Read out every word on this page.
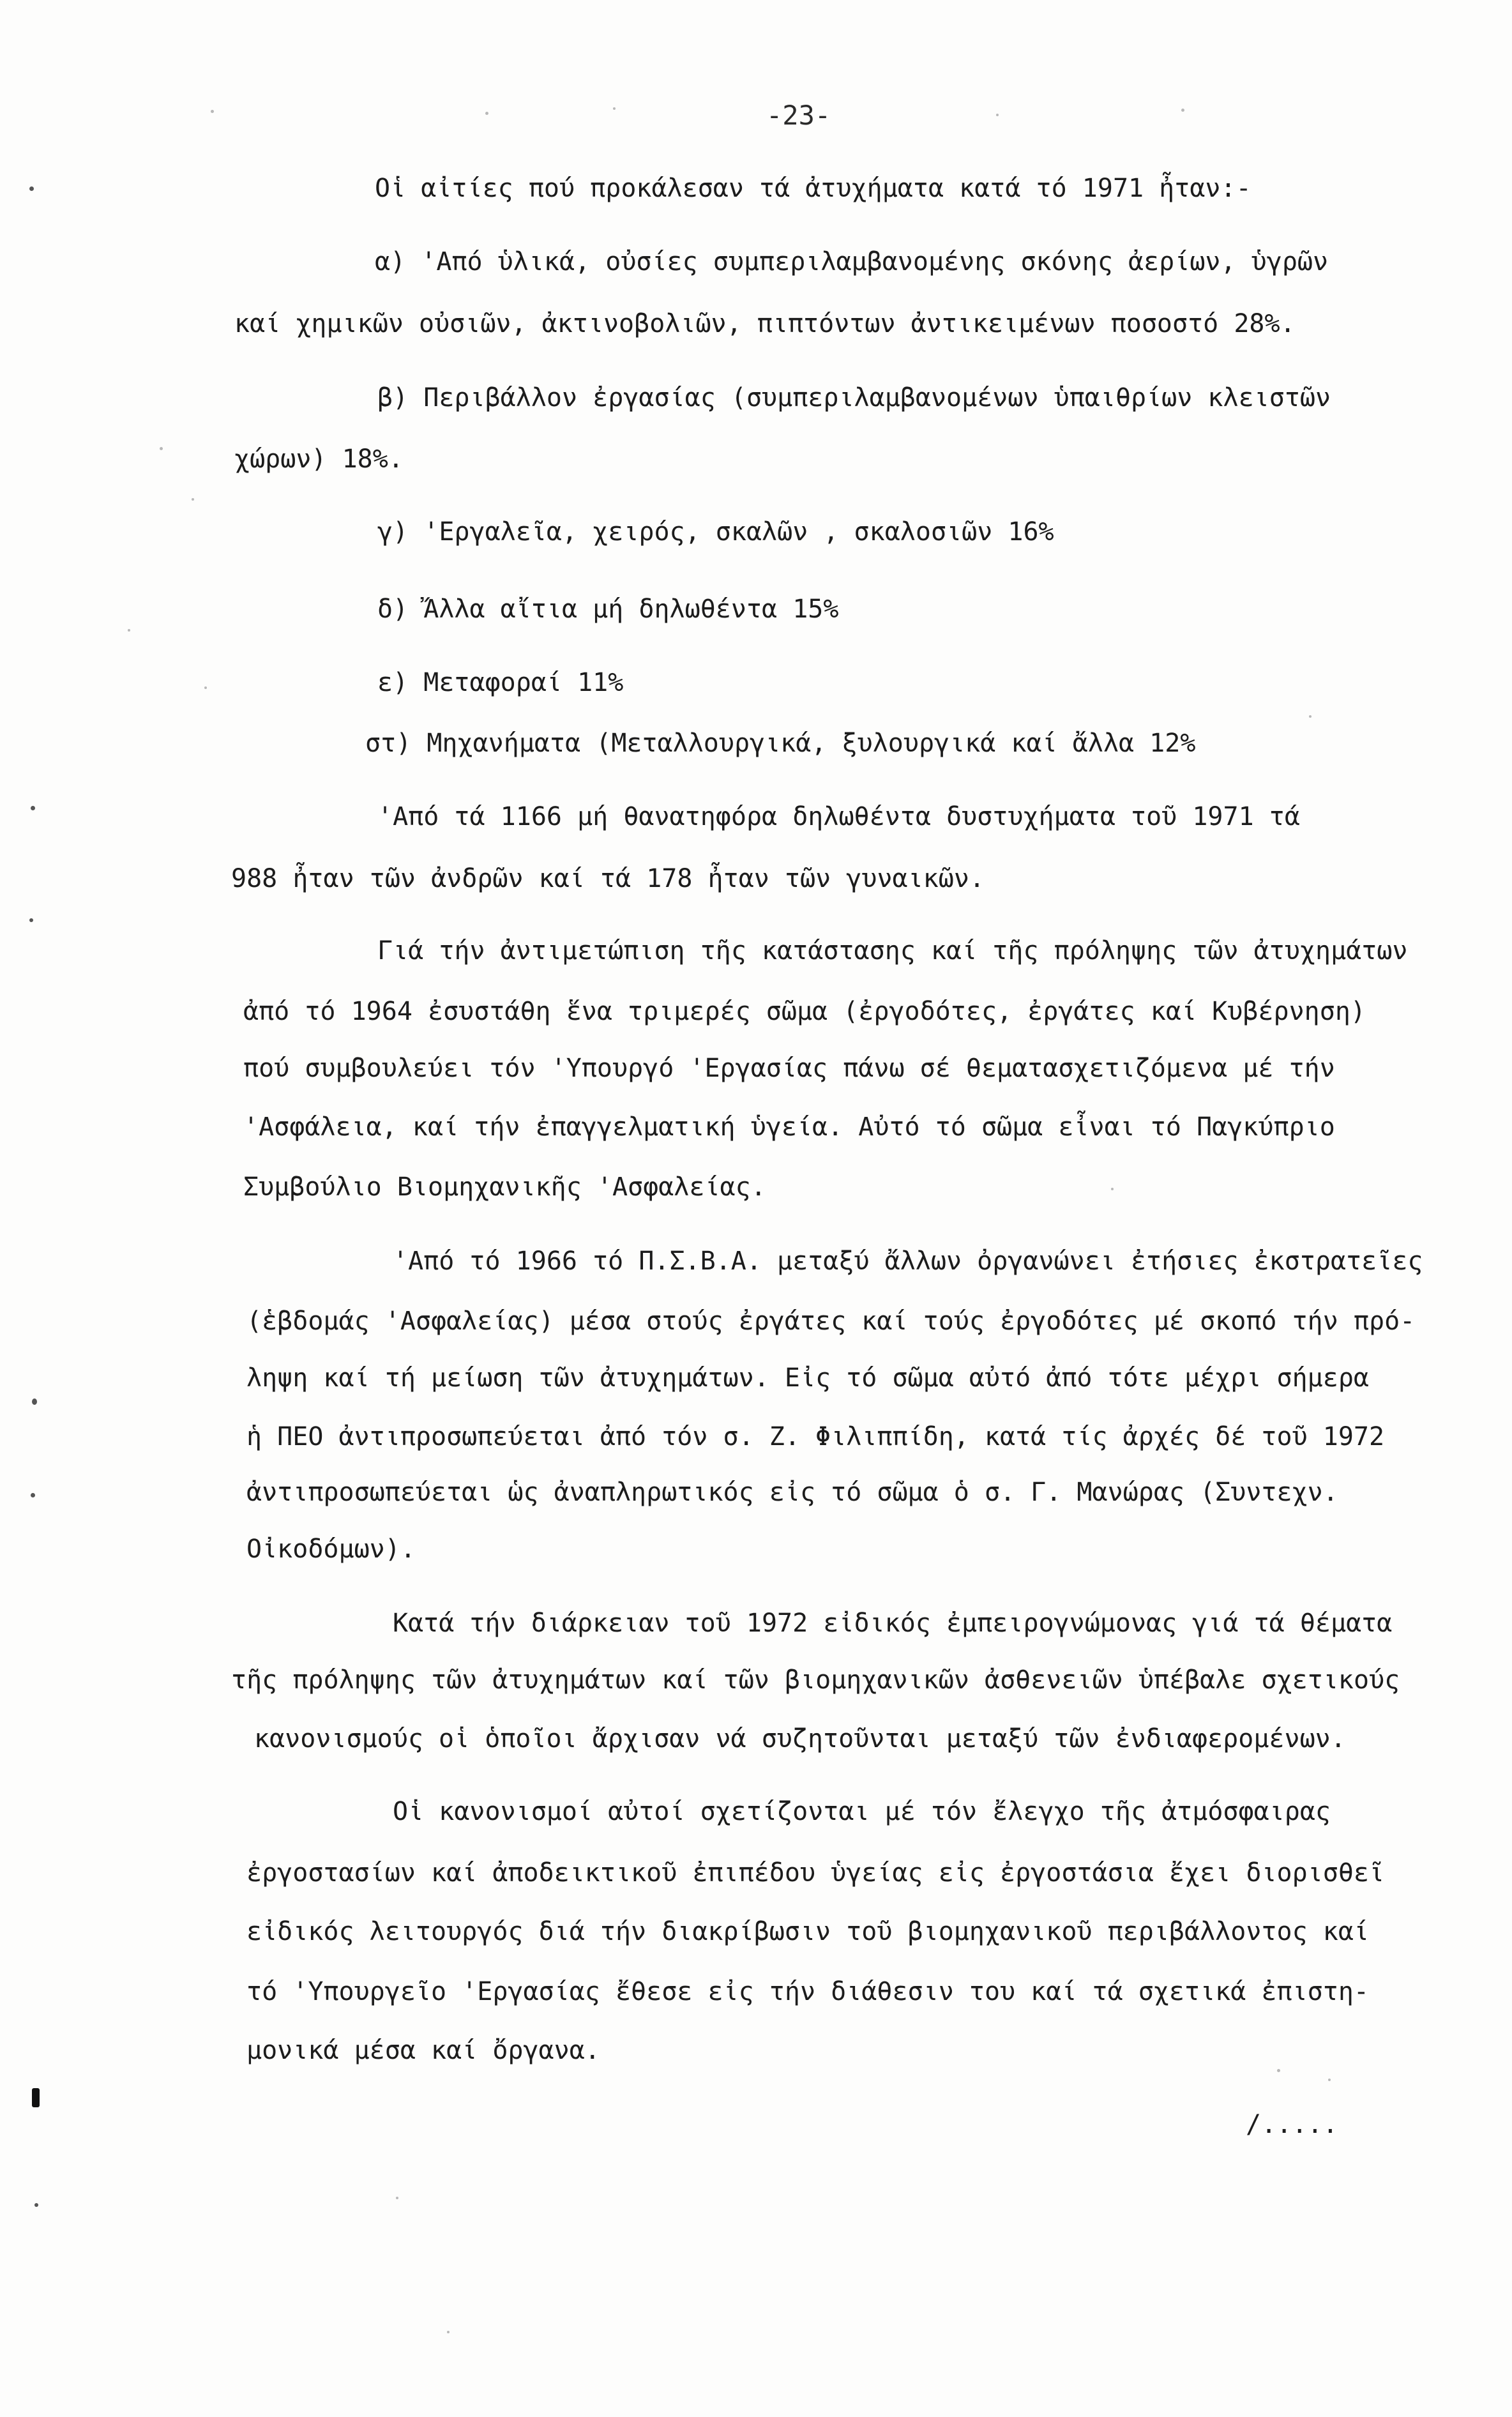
-23-
Οἱ αἰτίες πού προκάλεσαν τά ἀτυχήματα κατά τό 1971 ἦταν:-
α) 'Από ὑλικά, οὐσίες συμπεριλαμβανομένης σκόνης ἀερίων, ὑγρῶν
καί χημικῶν οὐσιῶν, ἀκτινοβολιῶν, πιπτόντων ἀντικειμένων ποσοστό 28%.
β) Περιβάλλον ἐργασίας (συμπεριλαμβανομένων ὑπαιθρίων κλειστῶν
χώρων) 18%.
γ) 'Εργαλεῖα, χειρός, σκαλῶν , σκαλοσιῶν 16%
δ) Ἄλλα αἴτια μή δηλωθέντα 15%
ε) Μεταφοραί 11%
στ) Μηχανήματα (Μεταλλουργικά, ξυλουργικά καί ἄλλα 12%
'Από τά 1166 μή θανατηφόρα δηλωθέντα δυστυχήματα τοῦ 1971 τά
988 ἦταν τῶν ἀνδρῶν καί τά 178 ἦταν τῶν γυναικῶν.
Γιά τήν ἀντιμετώπιση τῆς κατάστασης καί τῆς πρόληψης τῶν ἀτυχημάτων
ἀπό τό 1964 ἐσυστάθη ἕνα τριμερές σῶμα (ἐργοδότες, ἐργάτες καί Κυβέρνηση)
πού συμβουλεύει τόν 'Υπουργό 'Εργασίας πάνω σέ θεματασχετιζόμενα μέ τήν
'Ασφάλεια, καί τήν ἐπαγγελματική ὑγεία. Αὐτό τό σῶμα εἶναι τό Παγκύπριο
Συμβούλιο Βιομηχανικῆς 'Ασφαλείας.
'Από τό 1966 τό Π.Σ.Β.Α. μεταξύ ἄλλων ὀργανώνει ἐτήσιες ἐκστρατεῖες
(ἑβδομάς 'Ασφαλείας) μέσα στούς ἐργάτες καί τούς ἐργοδότες μέ σκοπό τήν πρό-
ληψη καί τή μείωση τῶν ἀτυχημάτων. Εἰς τό σῶμα αὐτό ἀπό τότε μέχρι σήμερα
ἡ ΠΕΟ ἀντιπροσωπεύεται ἀπό τόν σ. Ζ. Φιλιππίδη, κατά τίς ἀρχές δέ τοῦ 1972
ἀντιπροσωπεύεται ὡς ἀναπληρωτικός εἰς τό σῶμα ὁ σ. Γ. Μανώρας (Συντεχν.
Οἰκοδόμων).
Κατά τήν διάρκειαν τοῦ 1972 εἰδικός ἐμπειρογνώμονας γιά τά θέματα
τῆς πρόληψης τῶν ἀτυχημάτων καί τῶν βιομηχανικῶν ἀσθενειῶν ὑπέβαλε σχετικούς
κανονισμούς οἱ ὁποῖοι ἄρχισαν νά συζητοῦνται μεταξύ τῶν ἐνδιαφερομένων.
Οἱ κανονισμοί αὐτοί σχετίζονται μέ τόν ἔλεγχο τῆς ἀτμόσφαιρας
ἐργοστασίων καί ἀποδεικτικοῦ ἐπιπέδου ὑγείας εἰς ἐργοστάσια ἔχει διορισθεῖ
εἰδικός λειτουργός διά τήν διακρίβωσιν τοῦ βιομηχανικοῦ περιβάλλοντος καί
τό 'Υπουργεῖο 'Εργασίας ἔθεσε εἰς τήν διάθεσιν του καί τά σχετικά ἐπιστη-
μονικά μέσα καί ὄργανα.
/.....
